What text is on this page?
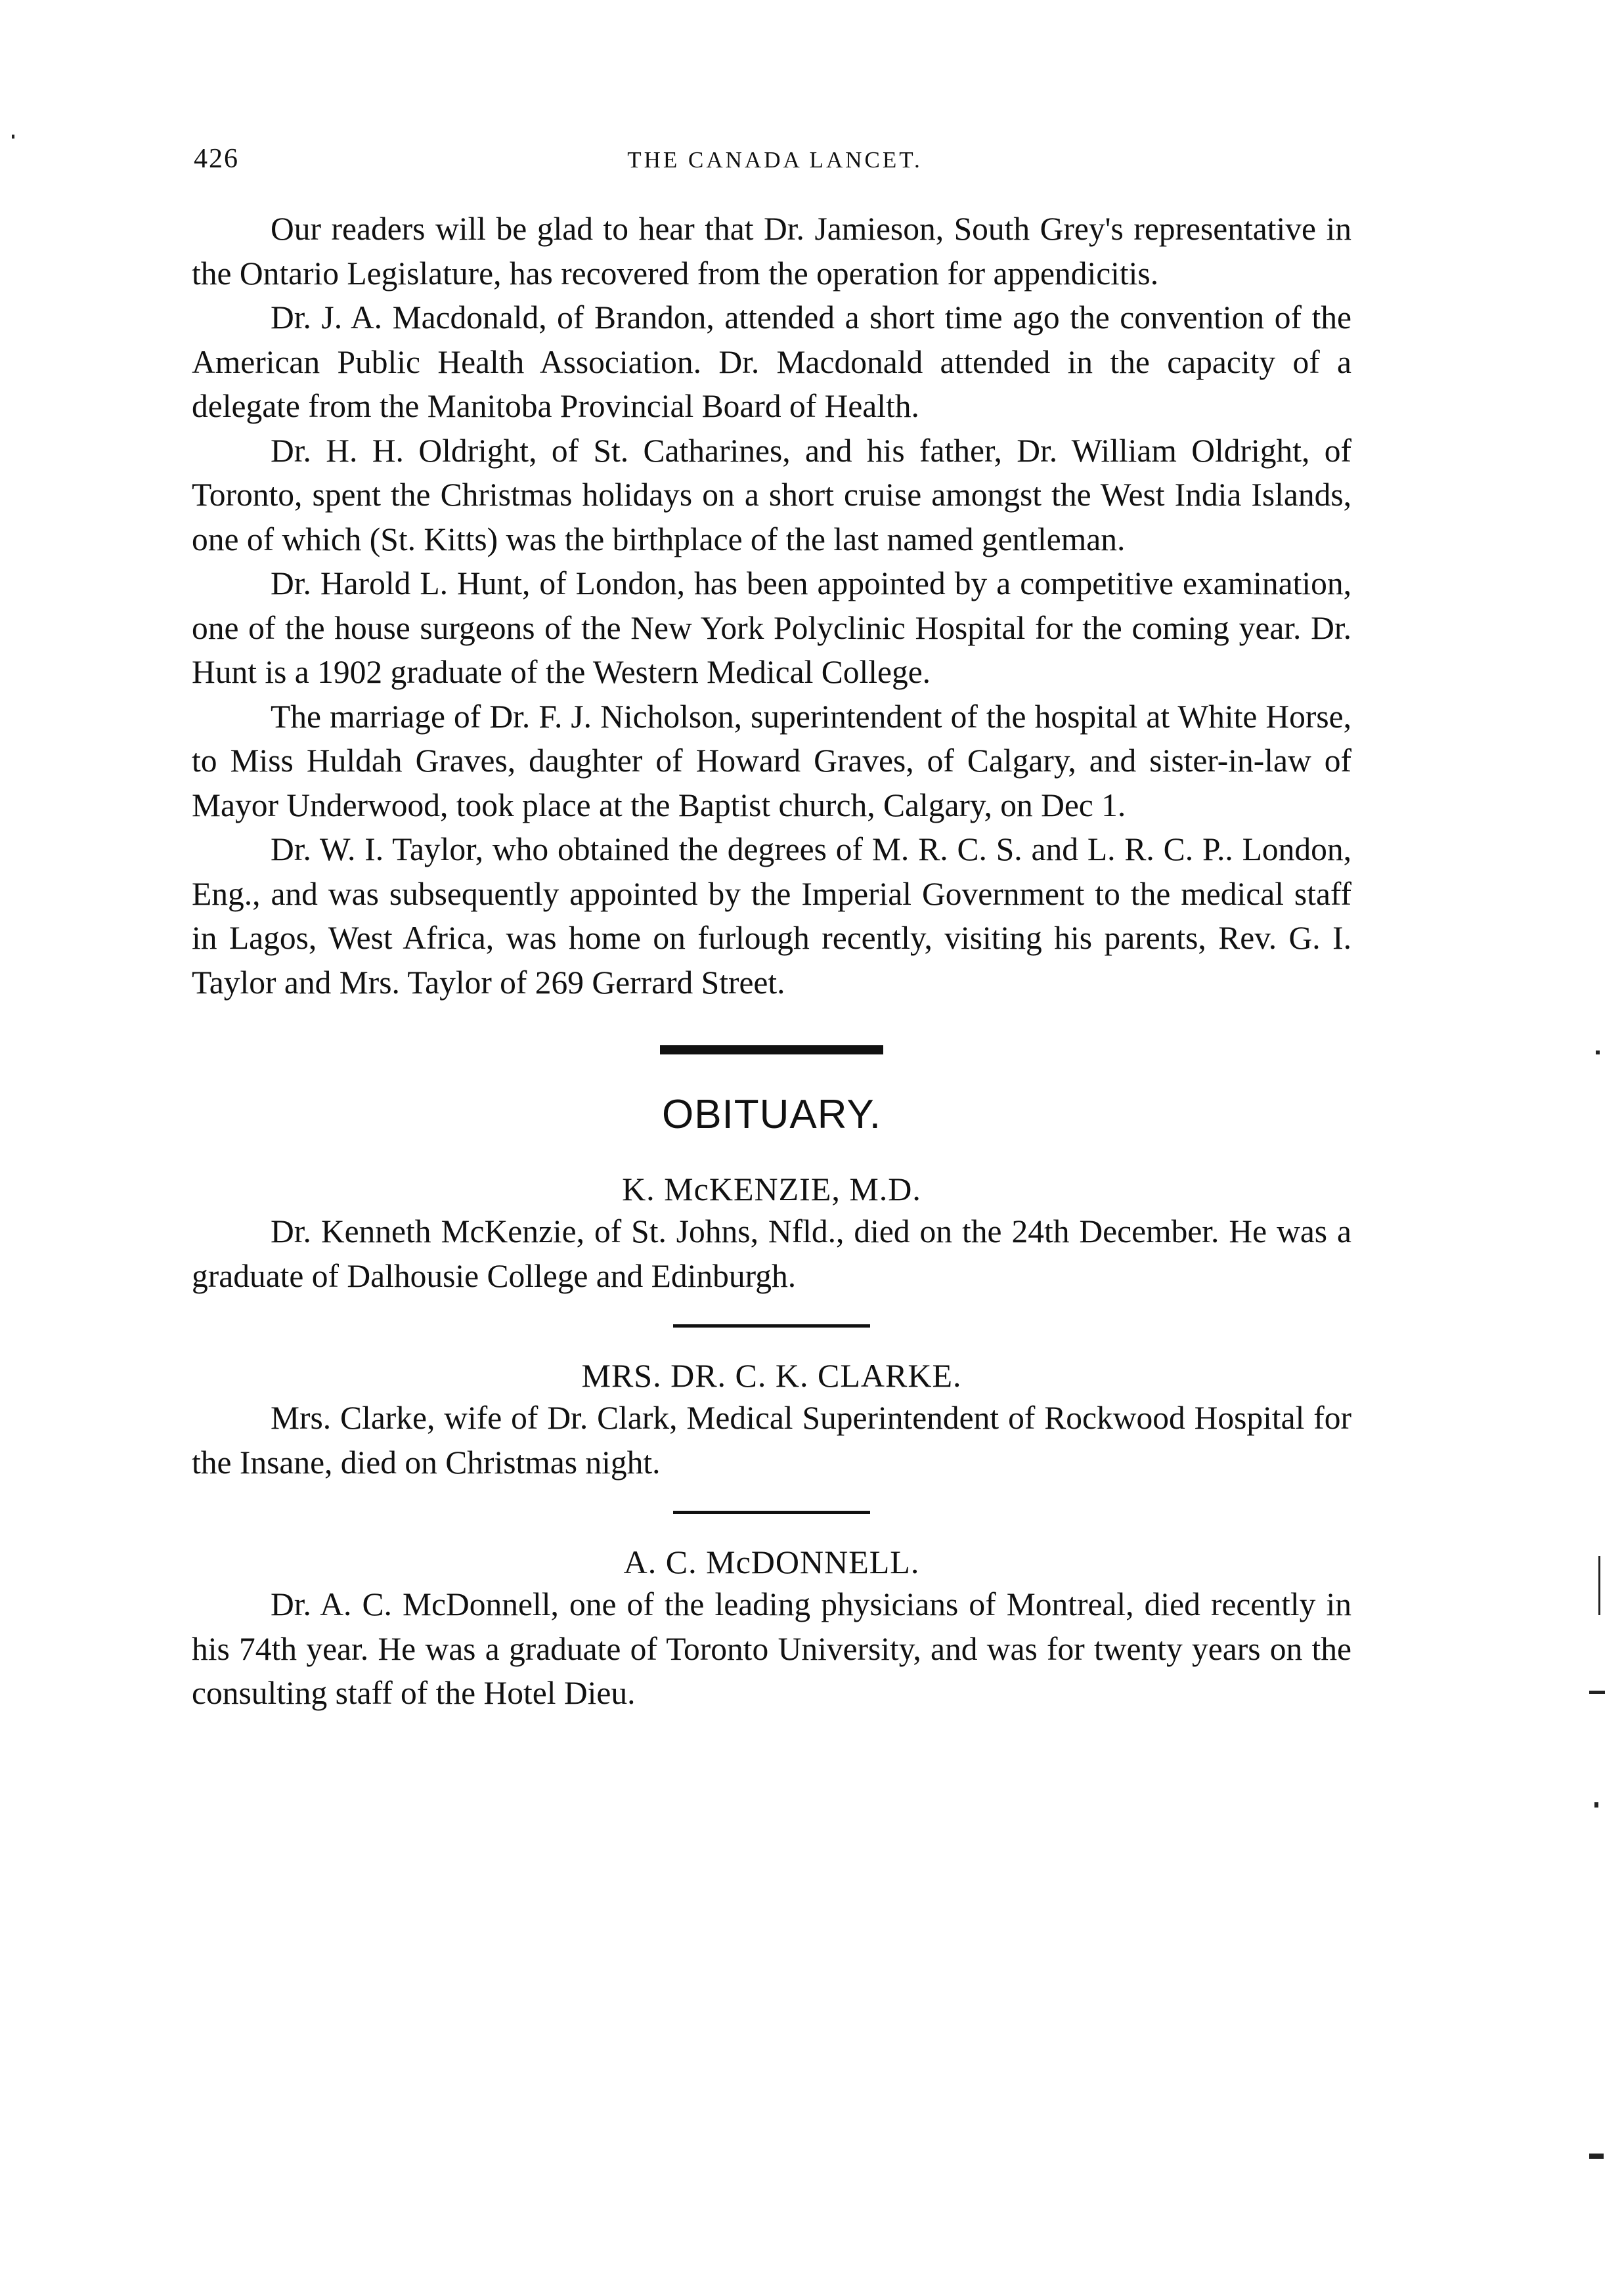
426	THE CANADA LANCET.

Our readers will be glad to hear that Dr. Jamieson, South Grey's representative in the Ontario Legislature, has recovered from the operation for appendicitis.

Dr. J. A. Macdonald, of Brandon, attended a short time ago the convention of the American Public Health Association. Dr. Macdonald attended in the capacity of a delegate from the Manitoba Provincial Board of Health.

Dr. H. H. Oldright, of St. Catharines, and his father, Dr. William Oldright, of Toronto, spent the Christmas holidays on a short cruise amongst the West India Islands, one of which (St. Kitts) was the birthplace of the last named gentleman.

Dr. Harold L. Hunt, of London, has been appointed by a competitive examination, one of the house surgeons of the New York Polyclinic Hospital for the coming year. Dr. Hunt is a 1902 graduate of the Western Medical College.

The marriage of Dr. F. J. Nicholson, superintendent of the hospital at White Horse, to Miss Huldah Graves, daughter of Howard Graves, of Calgary, and sister-in-law of Mayor Underwood, took place at the Baptist church, Calgary, on Dec 1.

Dr. W. I. Taylor, who obtained the degrees of M. R. C. S. and L. R. C. P.. London, Eng., and was subsequently appointed by the Imperial Government to the medical staff in Lagos, West Africa, was home on furlough recently, visiting his parents, Rev. G. I. Taylor and Mrs. Taylor of 269 Gerrard Street.

OBITUARY.
K. McKENZIE, M.D.

Dr. Kenneth McKenzie, of St. Johns, Nfld., died on the 24th December. He was a graduate of Dalhousie College and Edinburgh.

MRS. DR. C. K. CLARKE.

Mrs. Clarke, wife of Dr. Clark, Medical Superintendent of Rockwood Hospital for the Insane, died on Christmas night.

A. C. McDONNELL.

Dr. A. C. McDonnell, one of the leading physicians of Montreal, died recently in his 74th year. He was a graduate of Toronto University, and was for twenty years on the consulting staff of the Hotel Dieu.
